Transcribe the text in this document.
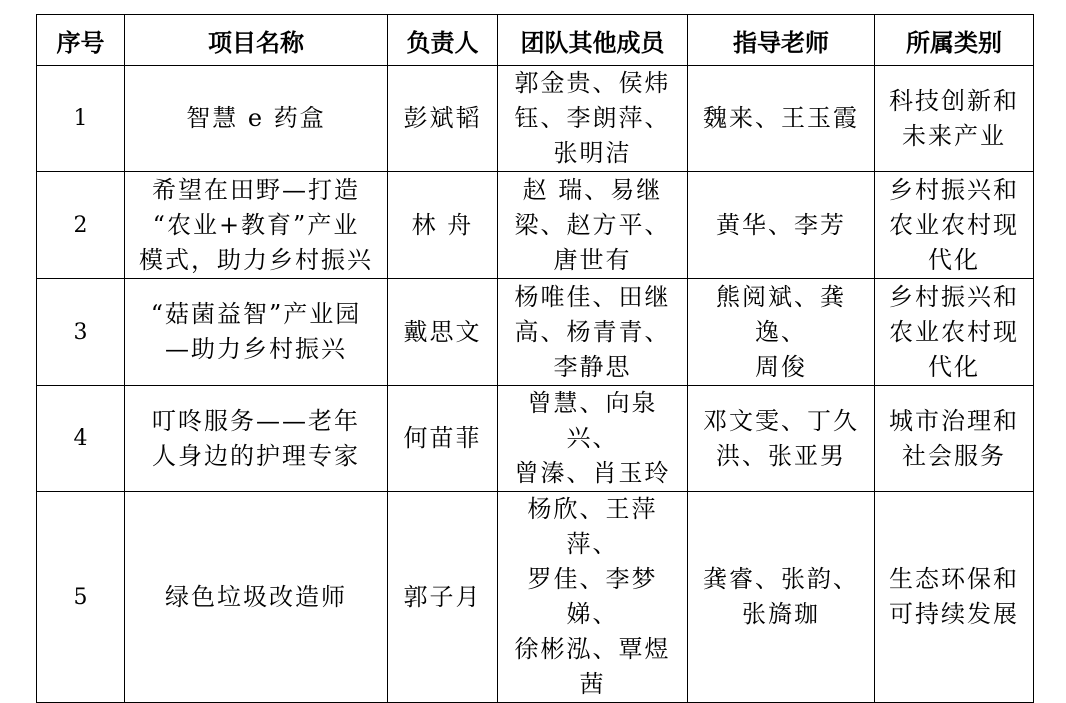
序号	项目名称	负责人	团队其他成员	指导老师	所属类别

1	智慧 e 药盒	彭斌韬	郭金贵、侯炜
钰、李朗萍、
张明洁	魏来、王玉霞	科技创新和
未来产业

2	希望在田野—打造
“农业+教育”产业
模式，助力乡村振兴	林 舟	赵 瑞、易继
梁、赵方平、
唐世有	黄华、李芳	乡村振兴和
农业农村现
代化

3	“菇菌益智”产业园
—助力乡村振兴	戴思文	杨唯佳、田继
高、杨青青、
李静思	熊阅斌、龚逸、
周俊	乡村振兴和
农业农村现
代化

4	叮咚服务——老年
人身边的护理专家	何苗菲	曾慧、向泉兴、
曾溱、肖玉玲	邓文雯、丁久
洪、张亚男	城市治理和
社会服务

5	绿色垃圾改造师	郭子月	杨欣、王萍萍、
罗佳、李梦娣、
徐彬泓、覃煜
茜	龚睿、张韵、
张旖珈	生态环保和
可持续发展
